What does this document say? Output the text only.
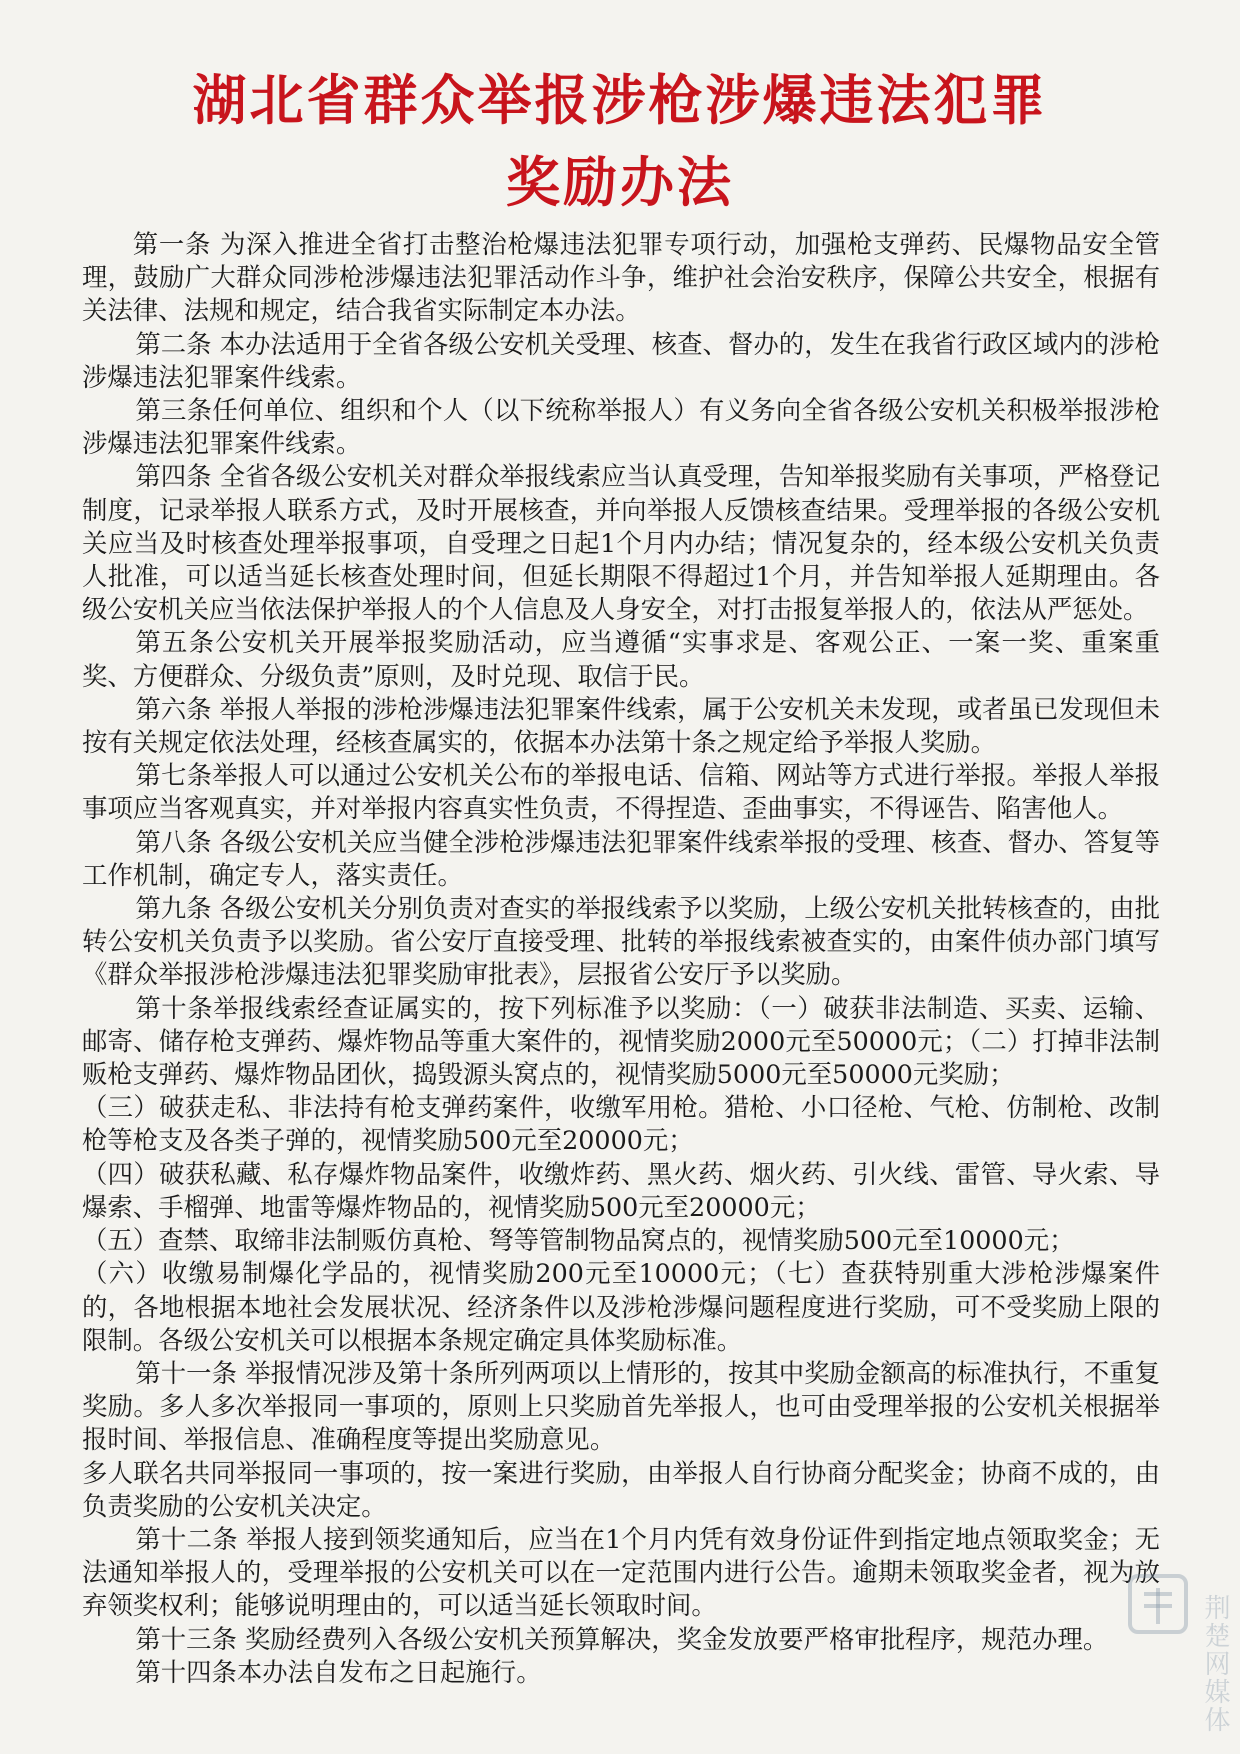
湖北省群众举报涉枪涉爆违法犯罪
奖励办法

第一条 为深入推进全省打击整治枪爆违法犯罪专项行动，加强枪支弹药、民爆物品安全管理，鼓励广大群众同涉枪涉爆违法犯罪活动作斗争，维护社会治安秩序，保障公共安全，根据有关法律、法规和规定，结合我省实际制定本办法。

第二条 本办法适用于全省各级公安机关受理、核查、督办的，发生在我省行政区域内的涉枪涉爆违法犯罪案件线索。

第三条任何单位、组织和个人（以下统称举报人）有义务向全省各级公安机关积极举报涉枪涉爆违法犯罪案件线索。

第四条 全省各级公安机关对群众举报线索应当认真受理，告知举报奖励有关事项，严格登记制度，记录举报人联系方式，及时开展核查，并向举报人反馈核查结果。受理举报的各级公安机关应当及时核查处理举报事项，自受理之日起1个月内办结；情况复杂的，经本级公安机关负责人批准，可以适当延长核查处理时间，但延长期限不得超过1个月，并告知举报人延期理由。各级公安机关应当依法保护举报人的个人信息及人身安全，对打击报复举报人的，依法从严惩处。

第五条公安机关开展举报奖励活动，应当遵循“实事求是、客观公正、一案一奖、重案重奖、方便群众、分级负责”原则，及时兑现、取信于民。

第六条 举报人举报的涉枪涉爆违法犯罪案件线索，属于公安机关未发现，或者虽已发现但未按有关规定依法处理，经核查属实的，依据本办法第十条之规定给予举报人奖励。

第七条举报人可以通过公安机关公布的举报电话、信箱、网站等方式进行举报。举报人举报事项应当客观真实，并对举报内容真实性负责，不得捏造、歪曲事实，不得诬告、陷害他人。

第八条 各级公安机关应当健全涉枪涉爆违法犯罪案件线索举报的受理、核查、督办、答复等工作机制，确定专人，落实责任。

第九条 各级公安机关分别负责对查实的举报线索予以奖励，上级公安机关批转核查的，由批转公安机关负责予以奖励。省公安厅直接受理、批转的举报线索被查实的，由案件侦办部门填写《群众举报涉枪涉爆违法犯罪奖励审批表》，层报省公安厅予以奖励。

第十条举报线索经查证属实的，按下列标准予以奖励：（一）破获非法制造、买卖、运输、邮寄、储存枪支弹药、爆炸物品等重大案件的，视情奖励2000元至50000元；（二）打掉非法制贩枪支弹药、爆炸物品团伙，捣毁源头窝点的，视情奖励5000元至50000元奖励；

（三）破获走私、非法持有枪支弹药案件，收缴军用枪。猎枪、小口径枪、气枪、仿制枪、改制枪等枪支及各类子弹的，视情奖励500元至20000元；

（四）破获私藏、私存爆炸物品案件，收缴炸药、黑火药、烟火药、引火线、雷管、导火索、导爆索、手榴弹、地雷等爆炸物品的，视情奖励500元至20000元；

（五）查禁、取缔非法制贩仿真枪、弩等管制物品窝点的，视情奖励500元至10000元；

（六）收缴易制爆化学品的，视情奖励200元至10000元；（七）查获特别重大涉枪涉爆案件的，各地根据本地社会发展状况、经济条件以及涉枪涉爆问题程度进行奖励，可不受奖励上限的限制。各级公安机关可以根据本条规定确定具体奖励标准。

第十一条 举报情况涉及第十条所列两项以上情形的，按其中奖励金额高的标准执行，不重复奖励。多人多次举报同一事项的，原则上只奖励首先举报人，也可由受理举报的公安机关根据举报时间、举报信息、准确程度等提出奖励意见。

多人联名共同举报同一事项的，按一案进行奖励，由举报人自行协商分配奖金；协商不成的，由负责奖励的公安机关决定。

第十二条 举报人接到领奖通知后，应当在1个月内凭有效身份证件到指定地点领取奖金；无法通知举报人的，受理举报的公安机关可以在一定范围内进行公告。逾期未领取奖金者，视为放弃领奖权利；能够说明理由的，可以适当延长领取时间。

第十三条 奖励经费列入各级公安机关预算解决，奖金发放要严格审批程序，规范办理。

第十四条本办法自发布之日起施行。	荆楚网媒体
